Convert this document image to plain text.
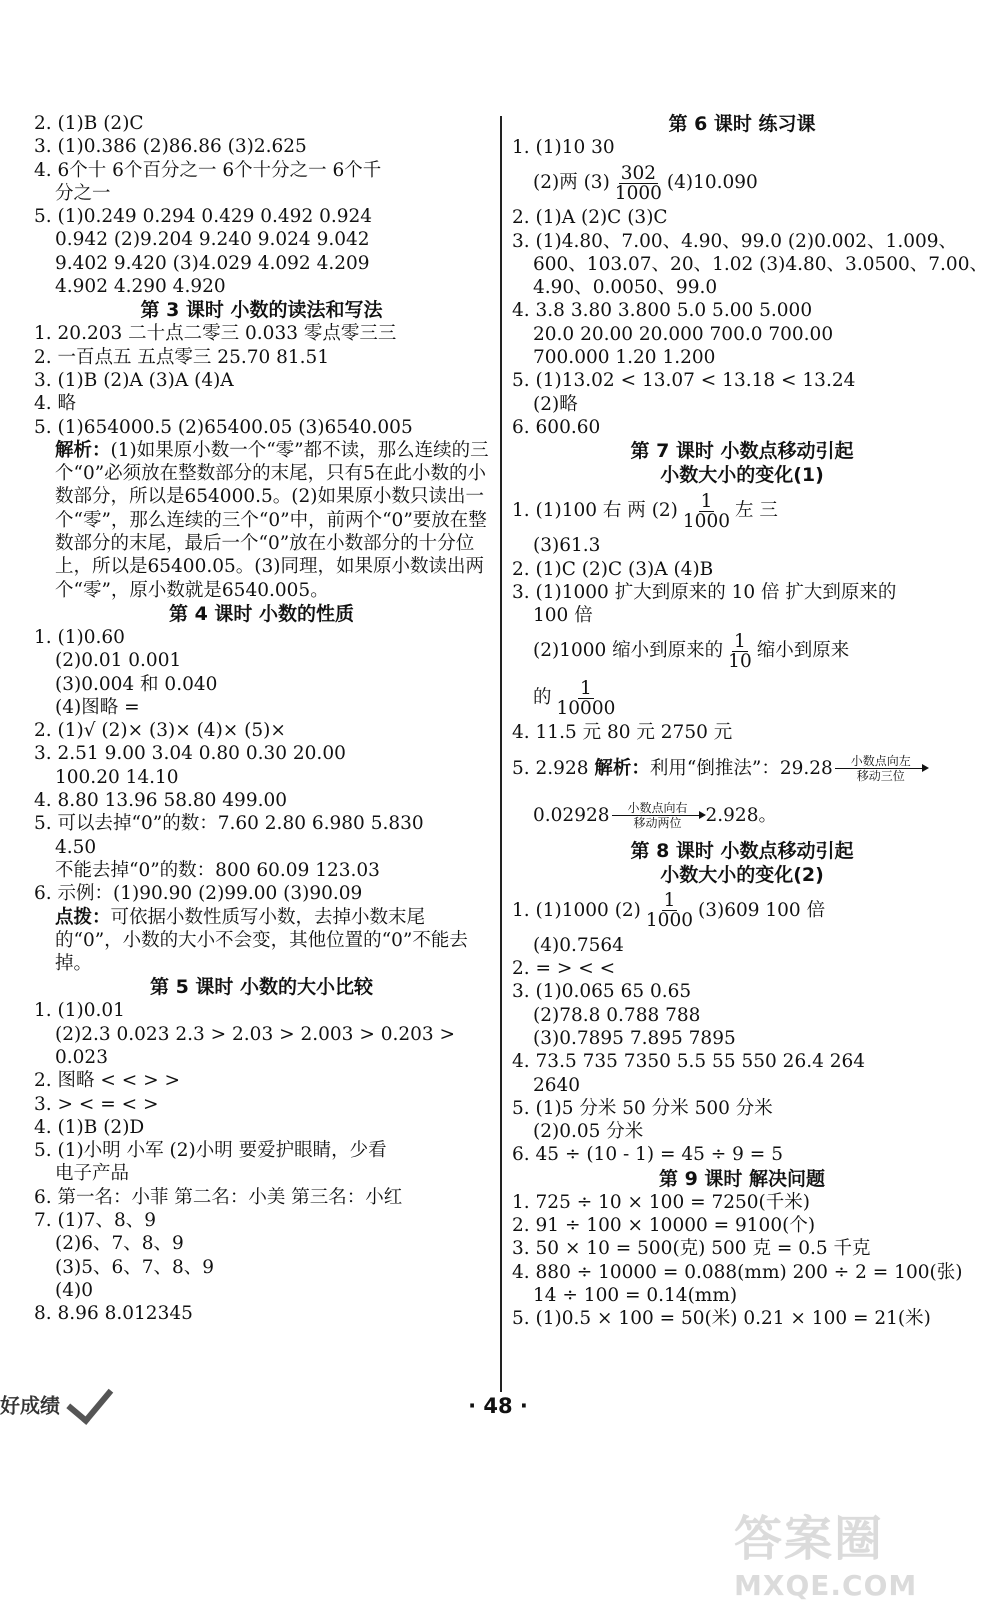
2. (1)B (2)C
3. (1)0.386 (2)86.86 (3)2.625
4. 6个十 6个百分之一 6个十分之一 6个千
分之一
5. (1)0.249 0.294 0.429 0.492 0.924
0.942 (2)9.204 9.240 9.024 9.042
9.402 9.420 (3)4.029 4.092 4.209
4.902 4.290 4.920
第 3 课时 小数的读法和写法
1. 20.203 二十点二零三 0.033 零点零三三
2. 一百点五 五点零三 25.70 81.51
3. (1)B (2)A (3)A (4)A
4. 略
5. (1)654000.5 (2)65400.05 (3)6540.005
解析：(1)如果原小数一个“零”都不读，那么连续的三个“0”必须放在整数部分的末尾，只有5在此小数的小数部分，所以是654000.5。(2)如果原小数只读出一个“零”，那么连续的三个“0”中，前两个“0”要放在整数部分的末尾，最后一个“0”放在小数部分的十分位上，所以是65400.05。(3)同理，如果原小数读出两个“零”，原小数就是6540.005。
第 4 课时 小数的性质
1. (1)0.60
(2)0.01 0.001
(3)0.004 和 0.040
(4)图略 =
2. (1)√ (2)× (3)× (4)× (5)×
3. 2.51 9.00 3.04 0.80 0.30 20.00
100.20 14.10
4. 8.80 13.96 58.80 499.00
5. 可以去掉“0”的数：7.60 2.80 6.980 5.830
4.50
不能去掉“0”的数：800 60.09 123.03
6. 示例：(1)90.90 (2)99.00 (3)90.09
点拨：可依据小数性质写小数，去掉小数末尾的“0”，小数的大小不会变，其他位置的“0”不能去掉。
第 5 课时 小数的大小比较
1. (1)0.01
(2)2.3 0.023 2.3 > 2.03 > 2.003 > 0.203 >
0.023
2. 图略 < < > >
3. > < = < >
4. (1)B (2)D
5. (1)小明 小军 (2)小明 要爱护眼睛，少看
电子产品
6. 第一名：小菲 第二名：小美 第三名：小红
7. (1)7、8、9
(2)6、7、8、9
(3)5、6、7、8、9
(4)0
8. 8.96 8.012345
第 6 课时 练习课
1. (1)10 30
(2)两 $(3) \frac{302}{1000} (4)10.090$
2. (1)A (2)C (3)C
3. (1)4.80、7.00、4.90、99.0 (2)0.002、1.009、
600、103.07、20、1.02 (3)4.80、3.0500、7.00、
4.90、0.0050、99.0
4. 3.8 3.80 3.800 5.0 5.00 5.000
20.0 20.00 20.000 700.0 700.00
700.000 1.20 1.200
5. (1)13.02 < 13.07 < 13.18 < 13.24
(2)略
6. 600.60
第 7 课时 小数点移动引起
小数大小的变化(1)
1. (1)100 右 两 $(2) \frac{1}{1000}$ 左 三
(3)61.3
2. (1)C (2)C (3)A (4)B
3. (1)1000 扩大到原来的 10 倍 扩大到原来的
100 倍
(2)1000 缩小到原来的 $\frac{1}{10}$ 缩小到原来
的 $\frac{1}{10000}$
4. 11.5 元 80 元 2750 元
5. 2.928 解析：利用“倒推法”：29.28 小数点向左
移动三位
0.02928 小数点向右
移动两位 2.928。
第 8 课时 小数点移动引起
小数大小的变化(2)
1. (1)1000 $(2) \frac{1}{1000} (3)609$ 100 倍
(4)0.7564
2. = > < <
3. (1)0.065 65 0.65
(2)78.8 0.788 788
(3)0.7895 7.895 7895
4. 73.5 735 7350 5.5 55 550 26.4 264
2640
5. (1)5 分米 50 分米 500 分米
(2)0.05 分米
6. 45 ÷ (10 - 1) = 45 ÷ 9 = 5
第 9 课时 解决问题
1. 725 ÷ 10 × 100 = 7250(千米)
2. 91 ÷ 100 × 10000 = 9100(个)
3. 50 × 10 = 500(克) 500 克 = 0.5 千克
4. 880 ÷ 10000 = 0.088(mm) 200 ÷ 2 = 100(张)
14 ÷ 100 = 0.14(mm)
5. (1)0.5 × 100 = 50(米) 0.21 × 100 = 21(米)
好成绩	· 48 ·
答案圈
MXQE.COM
